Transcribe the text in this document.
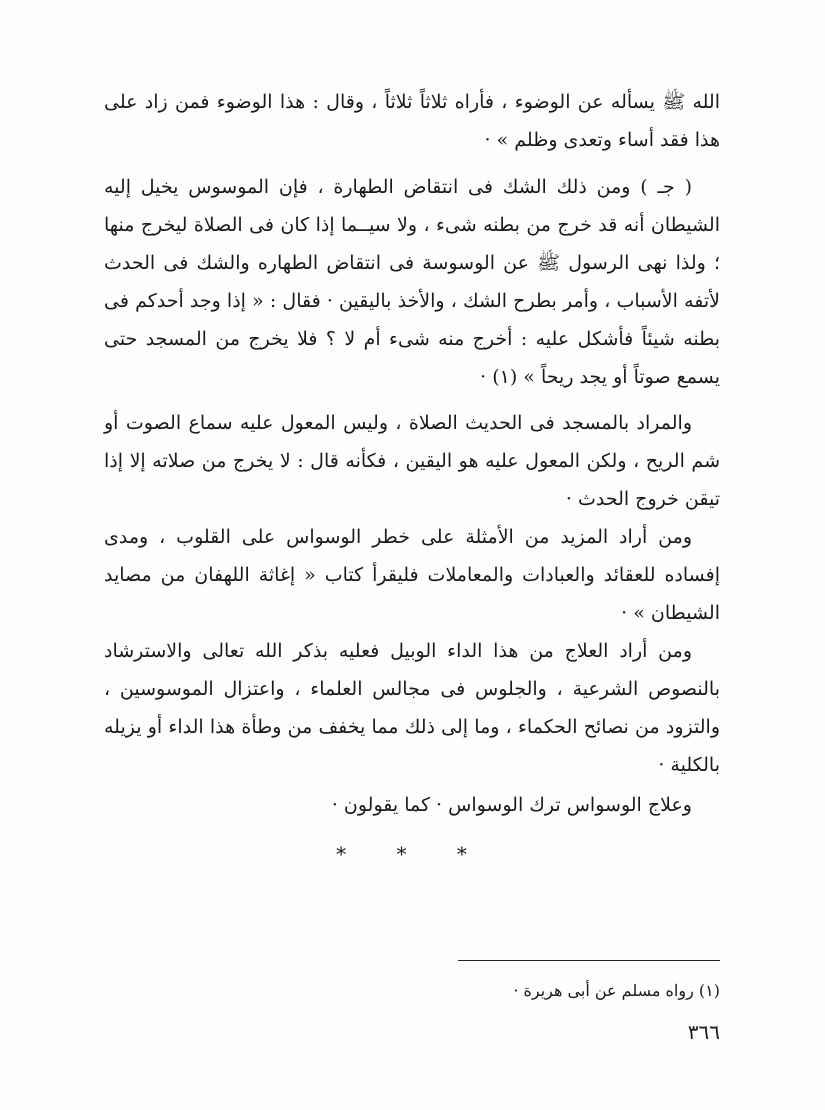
الله ﷺ يسأله عن الوضوء ، فأراه ثلاثاً ثلاثاً ، وقال : هذا الوضوء فمن زاد على هذا فقد أساء وتعدى وظلم » ·

( جـ ) ومن ذلك الشك فى انتقاض الطهارة ، فإن الموسوس يخيل إليه الشيطان أنه قد خرج من بطنه شىء ، ولا سيــما إذا كان فى الصلاة ليخرج منها ؛ ولذا نهى الرسول ﷺ عن الوسوسة فى انتقاض الطهاره والشك فى الحدث لأتفه الأسباب ، وأمر بطرح الشك ، والأخذ باليقين · فقال : « إذا وجد أحدكم فى بطنه شيئاً فأشكل عليه : أخرج منه شىء أم لا ؟ فلا يخرج من المسجد حتى يسمع صوتاً أو يجد ريحاً » (١) ·

والمراد بالمسجد فى الحديث الصلاة ، وليس المعول عليه سماع الصوت أو شم الريح ، ولكن المعول عليه هو اليقين ، فكأنه قال : لا يخرج من صلاته إلا إذا تيقن خروج الحدث ·

ومن أراد المزيد من الأمثلة على خطر الوسواس على القلوب ، ومدى إفساده للعقائد والعبادات والمعاملات فليقرأ كتاب « إغاثة اللهفان من مصايد الشيطان » ·

ومن أراد العلاج من هذا الداء الوبيل فعليه بذكر الله تعالى والاسترشاد بالنصوص الشرعية ، والجلوس فى مجالس العلماء ، واعتزال الموسوسين ، والتزود من نصائح الحكماء ، وما إلى ذلك مما يخفف من وطأة هذا الداء أو يزيله بالكلية ·

وعلاج الوسواس ترك الوسواس · كما يقولون ·

* * *
(١) رواه مسلم عن أبى هريرة ·
٣٦٦
